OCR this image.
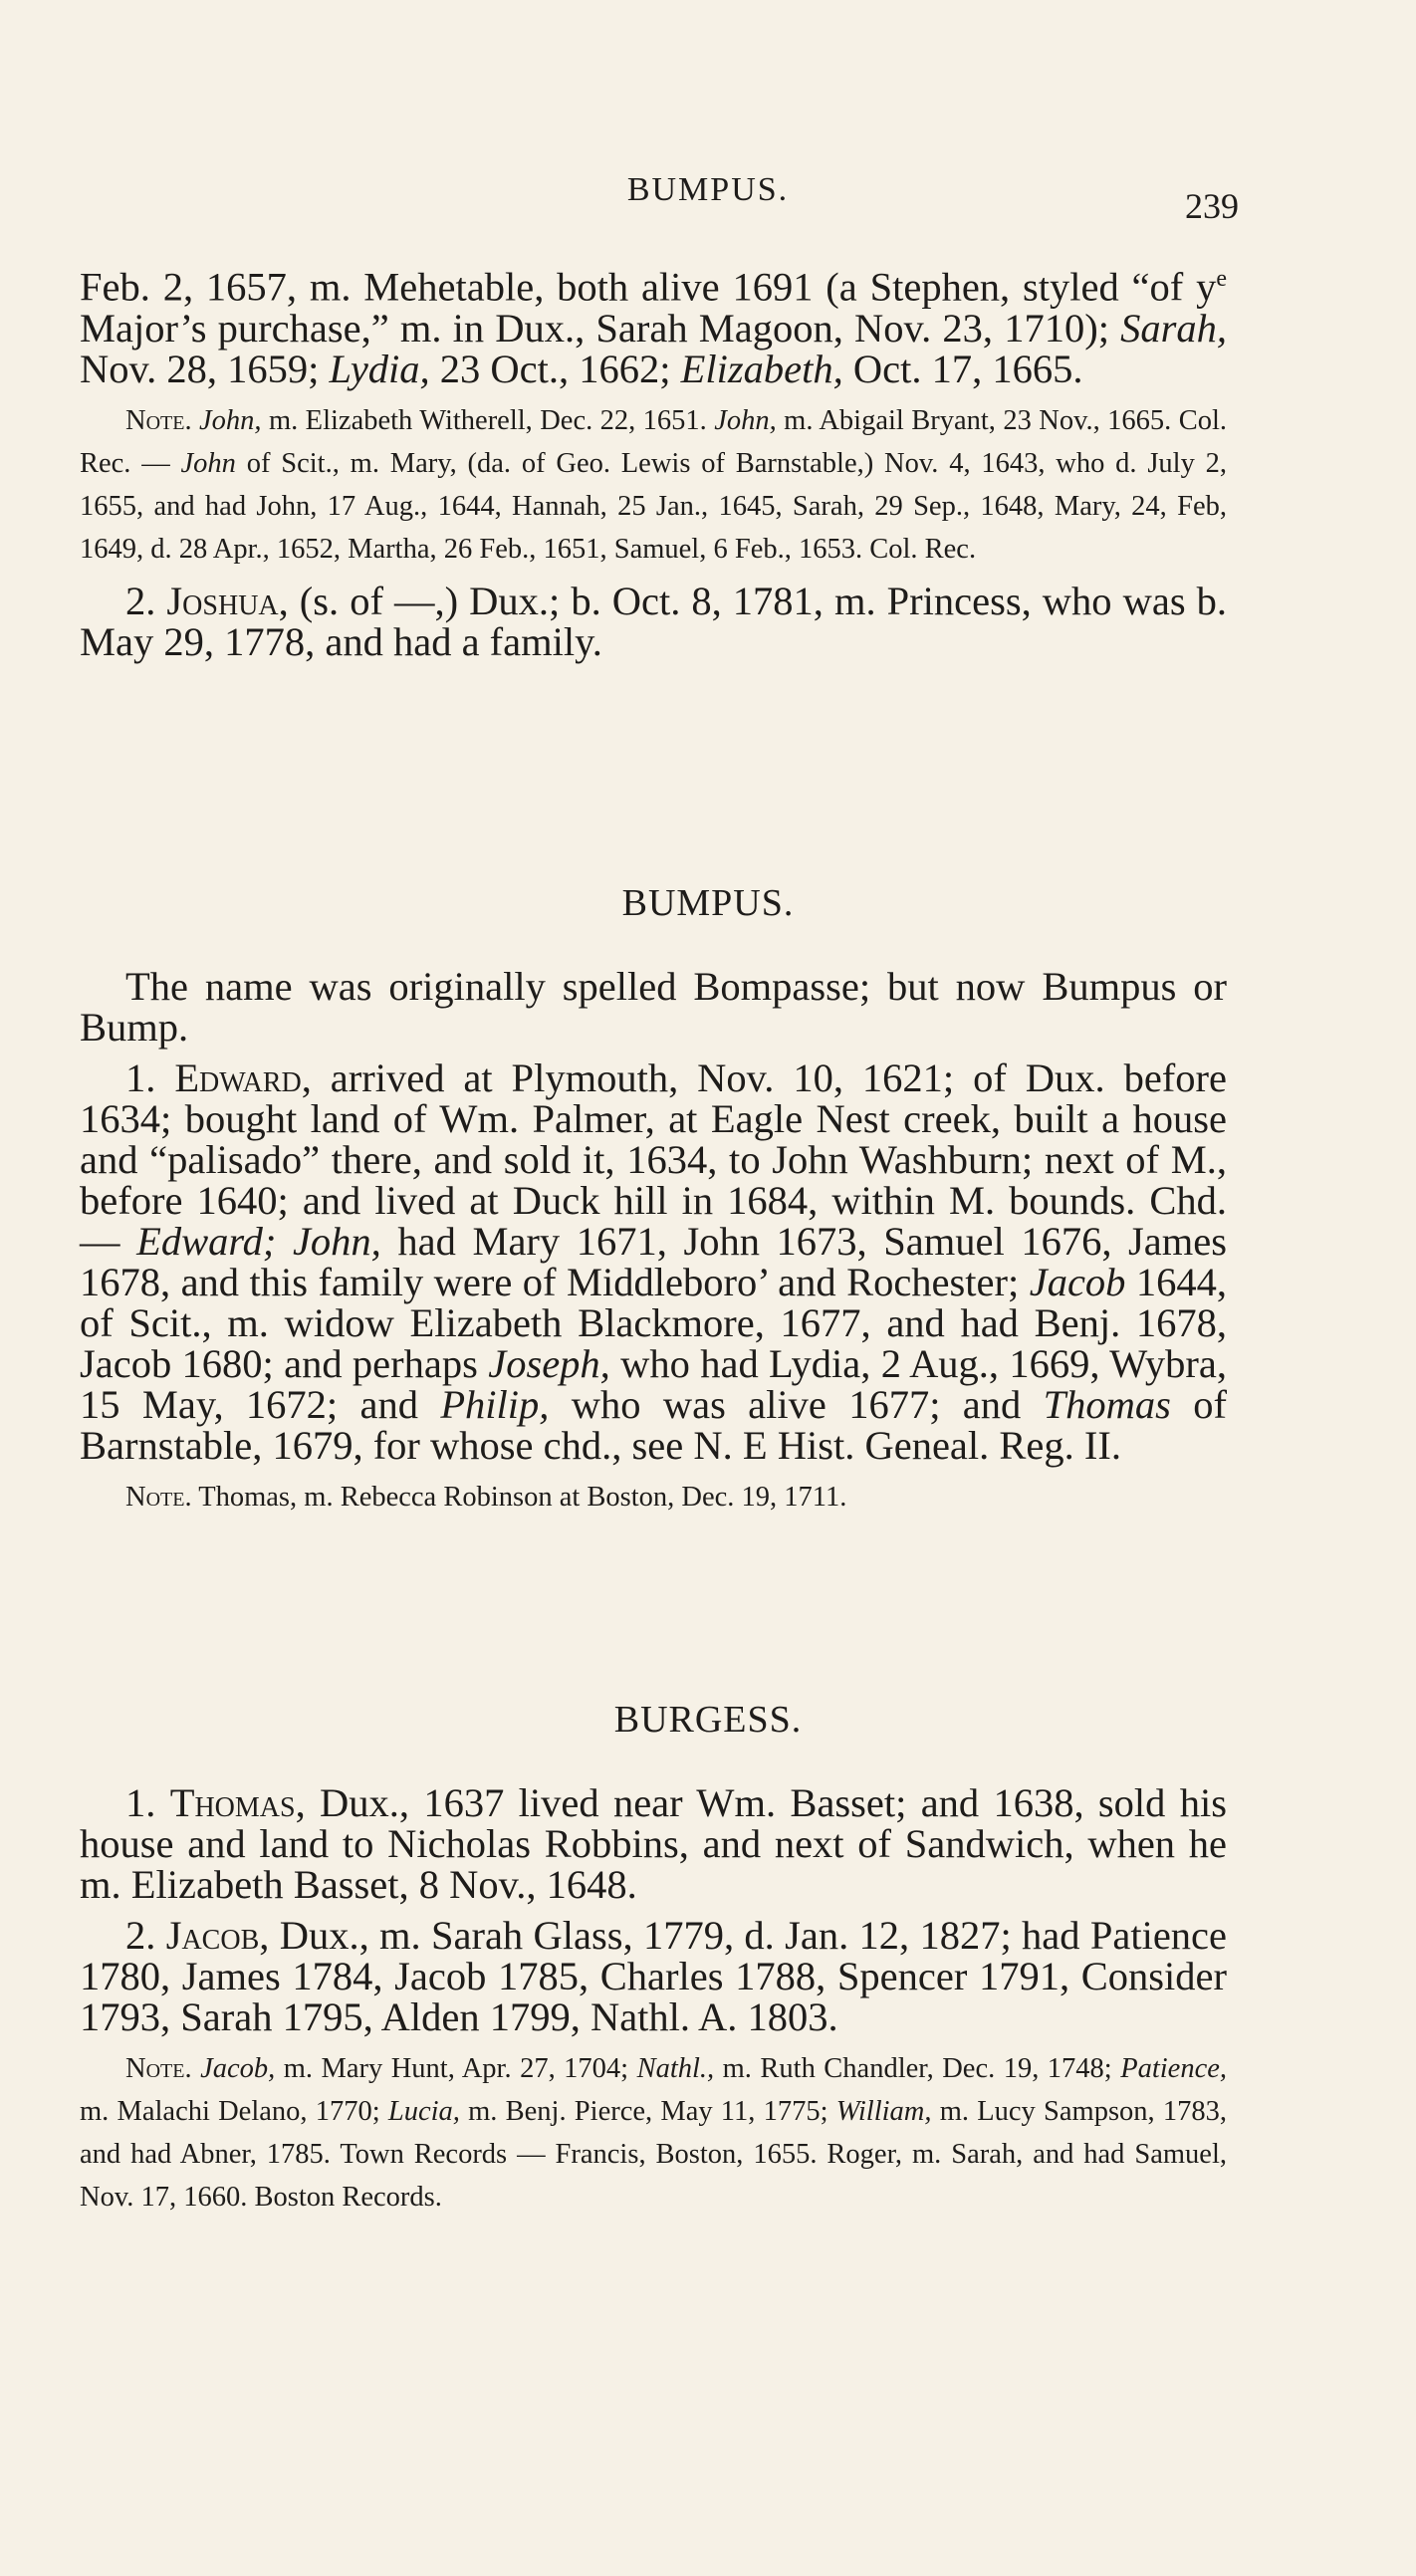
BUMPUS.	239

Feb. 2, 1657, m. Mehetable, both alive 1691 (a Stephen, styled “of $y^e$ Major’s purchase,” m. in Dux., Sarah Magoon, Nov. 23, 1710); Sarah, Nov. 28, 1659; Lydia, 23 Oct., 1662; Elizabeth, Oct. 17, 1665.

Note. John, m. Elizabeth Witherell, Dec. 22, 1651. John, m. Abigail Bryant, 23 Nov., 1665. Col. Rec. — John of Scit., m. Mary, (da. of Geo. Lewis of Barnstable,) Nov. 4, 1643, who d. July 2, 1655, and had John, 17 Aug., 1644, Hannah, 25 Jan., 1645, Sarah, 29 Sep., 1648, Mary, 24, Feb, 1649, d. 28 Apr., 1652, Martha, 26 Feb., 1651, Samuel, 6 Feb., 1653. Col. Rec.

2. Joshua, (s. of —,) Dux.; b. Oct. 8, 1781, m. Princess, who was b. May 29, 1778, and had a family.

BUMPUS.

The name was originally spelled Bompasse; but now Bumpus or Bump.

1. Edward, arrived at Plymouth, Nov. 10, 1621; of Dux. before 1634; bought land of Wm. Palmer, at Eagle Nest creek, built a house and “palisado” there, and sold it, 1634, to John Washburn; next of M., before 1640; and lived at Duck hill in 1684, within M. bounds. Chd. — Edward; John, had Mary 1671, John 1673, Samuel 1676, James 1678, and this family were of Middleboro’ and Rochester; Jacob 1644, of Scit., m. widow Elizabeth Blackmore, 1677, and had Benj. 1678, Jacob 1680; and perhaps Joseph, who had Lydia, 2 Aug., 1669, Wybra, 15 May, 1672; and Philip, who was alive 1677; and Thomas of Barnstable, 1679, for whose chd., see N. E Hist. Geneal. Reg. II.

Note. Thomas, m. Rebecca Robinson at Boston, Dec. 19, 1711.

BURGESS.

1. Thomas, Dux., 1637 lived near Wm. Basset; and 1638, sold his house and land to Nicholas Robbins, and next of Sandwich, when he m. Elizabeth Basset, 8 Nov., 1648.

2. Jacob, Dux., m. Sarah Glass, 1779, d. Jan. 12, 1827; had Patience 1780, James 1784, Jacob 1785, Charles 1788, Spencer 1791, Consider 1793, Sarah 1795, Alden 1799, Nathl. A. 1803.

Note. Jacob, m. Mary Hunt, Apr. 27, 1704; Nathl., m. Ruth Chandler, Dec. 19, 1748; Patience, m. Malachi Delano, 1770; Lucia, m. Benj. Pierce, May 11, 1775; William, m. Lucy Sampson, 1783, and had Abner, 1785. Town Records — Francis, Boston, 1655. Roger, m. Sarah, and had Samuel, Nov. 17, 1660. Boston Records.
